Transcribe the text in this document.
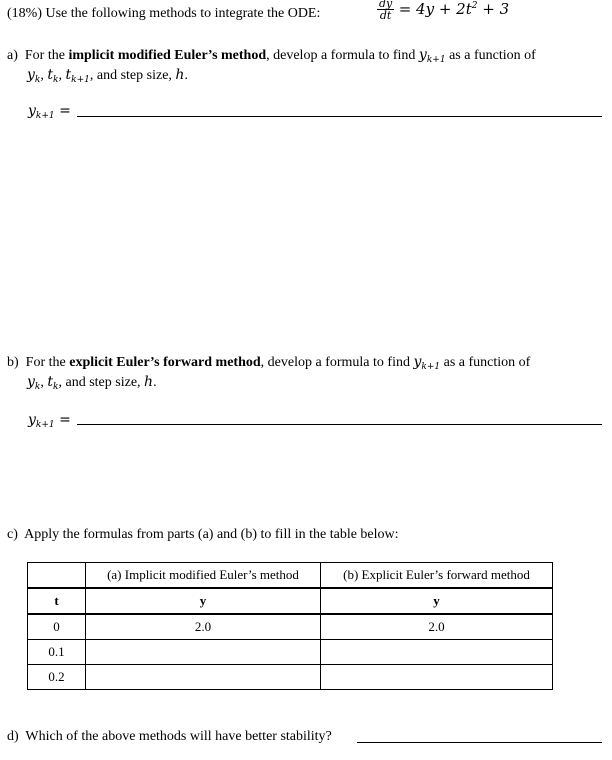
(18%) Use the following methods to integrate the ODE:	$\frac{dy}{dt} = 4y + 2t^2 + 3$
a) For the implicit modified Euler’s method, develop a formula to find $y_{k+1}$ as a function of
$y_k$, $t_k$, $t_{k+1}$, and step size, h.
$y_{k+1}$ =
b) For the explicit Euler’s forward method, develop a formula to find $y_{k+1}$ as a function of
$y_k$, $t_k$, and step size, h.
$y_{k+1}$ =
c) Apply the formulas from parts (a) and (b) to fill in the table below:
	(a) Implicit modified Euler’s method	(b) Explicit Euler’s forward method
t	y	y
0	2.0	2.0
0.1		
0.2		
d) Which of the above methods will have better stability?
